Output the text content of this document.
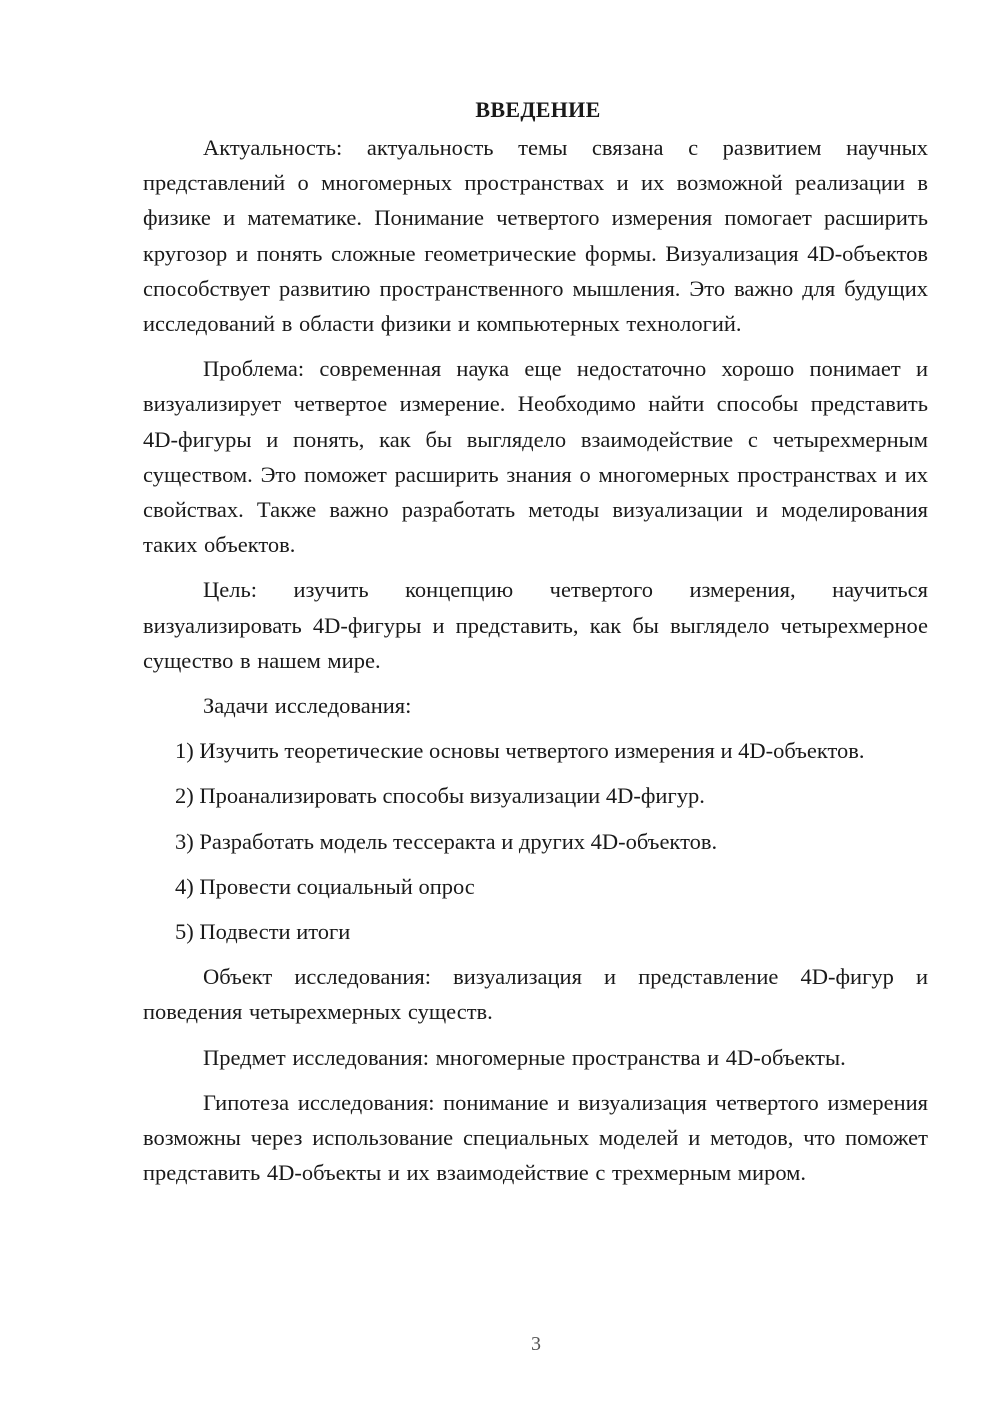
ВВЕДЕНИЕ

Актуальность: актуальность темы связана с развитием научных представлений о многомерных пространствах и их возможной реализации в физике и математике. Понимание четвертого измерения помогает расширить кругозор и понять сложные геометрические формы. Визуализация 4D-объектов способствует развитию пространственного мышления. Это важно для будущих исследований в области физики и компьютерных технологий.

Проблема: современная наука еще недостаточно хорошо понимает и визуализирует четвертое измерение. Необходимо найти способы представить 4D-фигуры и понять, как бы выглядело взаимодействие с четырехмерным существом. Это поможет расширить знания о многомерных пространствах и их свойствах. Также важно разработать методы визуализации и моделирования таких объектов.

Цель: изучить концепцию четвертого измерения, научиться визуализировать 4D-фигуры и представить, как бы выглядело четырехмерное существо в нашем мире.

Задачи исследования:

1) Изучить теоретические основы четвертого измерения и 4D-объектов.

2) Проанализировать способы визуализации 4D-фигур.

3) Разработать модель тессеракта и других 4D-объектов.

4) Провести социальный опрос

5) Подвести итоги

Объект исследования: визуализация и представление 4D-фигур и поведения четырехмерных существ.

Предмет исследования: многомерные пространства и 4D-объекты.

Гипотеза исследования: понимание и визуализация четвертого измерения возможны через использование специальных моделей и методов, что поможет представить 4D-объекты и их взаимодействие с трехмерным миром.

3
